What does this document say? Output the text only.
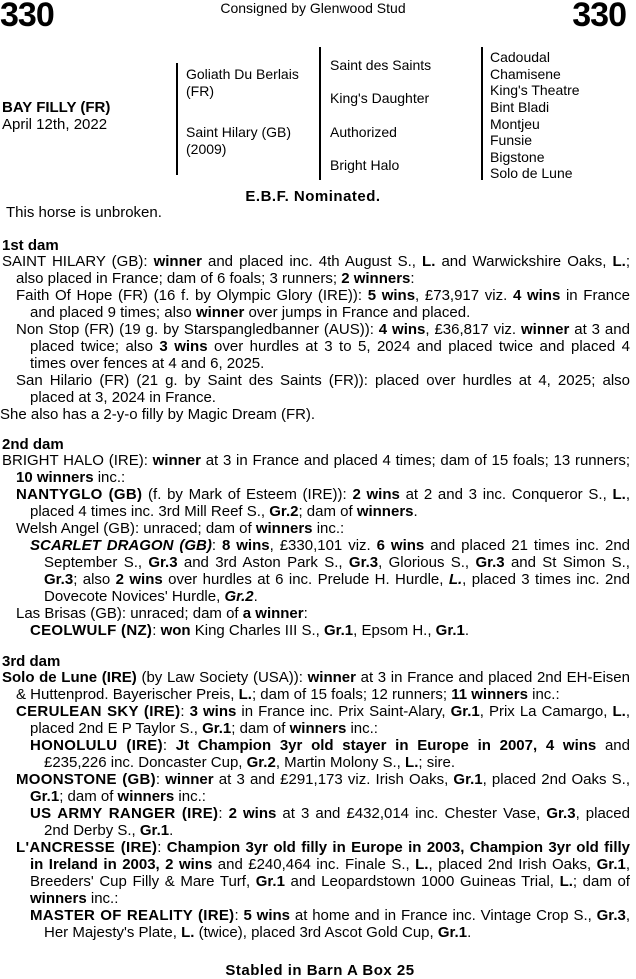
330	330
Consigned by Glenwood Stud
BAY FILLY (FR)
April 12th, 2022
Goliath Du Berlais (FR)
Saint Hilary (GB)
(2009)
Saint des Saints
King's Daughter
Authorized
Bright Halo
Cadoudal
Chamisene
King's Theatre
Bint Bladi
Montjeu
Funsie
Bigstone
Solo de Lune
E.B.F. Nominated.
This horse is unbroken.
1st dam
SAINT HILARY (GB): winner and placed inc. 4th August S., L. and Warwickshire Oaks, L.; also placed in France; dam of 6 foals; 3 runners; 2 winners:
Faith Of Hope (FR) (16 f. by Olympic Glory (IRE)): 5 wins, £73,917 viz. 4 wins in France and placed 9 times; also winner over jumps in France and placed.
Non Stop (FR) (19 g. by Starspangledbanner (AUS)): 4 wins, £36,817 viz. winner at 3 and placed twice; also 3 wins over hurdles at 3 to 5, 2024 and placed twice and placed 4 times over fences at 4 and 6, 2025.
San Hilario (FR) (21 g. by Saint des Saints (FR)): placed over hurdles at 4, 2025; also placed at 3, 2024 in France.
She also has a 2-y-o filly by Magic Dream (FR).
2nd dam
BRIGHT HALO (IRE): winner at 3 in France and placed 4 times; dam of 15 foals; 13 runners; 10 winners inc.:
NANTYGLO (GB) (f. by Mark of Esteem (IRE)): 2 wins at 2 and 3 inc. Conqueror S., L., placed 4 times inc. 3rd Mill Reef S., Gr.2; dam of winners.
Welsh Angel (GB): unraced; dam of winners inc.:
SCARLET DRAGON (GB): 8 wins, £330,101 viz. 6 wins and placed 21 times inc. 2nd September S., Gr.3 and 3rd Aston Park S., Gr.3, Glorious S., Gr.3 and St Simon S., Gr.3; also 2 wins over hurdles at 6 inc. Prelude H. Hurdle, L., placed 3 times inc. 2nd Dovecote Novices' Hurdle, Gr.2.
Las Brisas (GB): unraced; dam of a winner:
CEOLWULF (NZ): won King Charles III S., Gr.1, Epsom H., Gr.1.
3rd dam
Solo de Lune (IRE) (by Law Society (USA)): winner at 3 in France and placed 2nd EH-Eisen & Huttenprod. Bayerischer Preis, L.; dam of 15 foals; 12 runners; 11 winners inc.:
CERULEAN SKY (IRE): 3 wins in France inc. Prix Saint-Alary, Gr.1, Prix La Camargo, L., placed 2nd E P Taylor S., Gr.1; dam of winners inc.:
HONOLULU (IRE): Jt Champion 3yr old stayer in Europe in 2007, 4 wins and £235,226 inc. Doncaster Cup, Gr.2, Martin Molony S., L.; sire.
MOONSTONE (GB): winner at 3 and £291,173 viz. Irish Oaks, Gr.1, placed 2nd Oaks S., Gr.1; dam of winners inc.:
US ARMY RANGER (IRE): 2 wins at 3 and £432,014 inc. Chester Vase, Gr.3, placed 2nd Derby S., Gr.1.
L'ANCRESSE (IRE): Champion 3yr old filly in Europe in 2003, Champion 3yr old filly in Ireland in 2003, 2 wins and £240,464 inc. Finale S., L., placed 2nd Irish Oaks, Gr.1, Breeders' Cup Filly & Mare Turf, Gr.1 and Leopardstown 1000 Guineas Trial, L.; dam of winners inc.:
MASTER OF REALITY (IRE): 5 wins at home and in France inc. Vintage Crop S., Gr.3, Her Majesty's Plate, L. (twice), placed 3rd Ascot Gold Cup, Gr.1.
Stabled in Barn A Box 25
